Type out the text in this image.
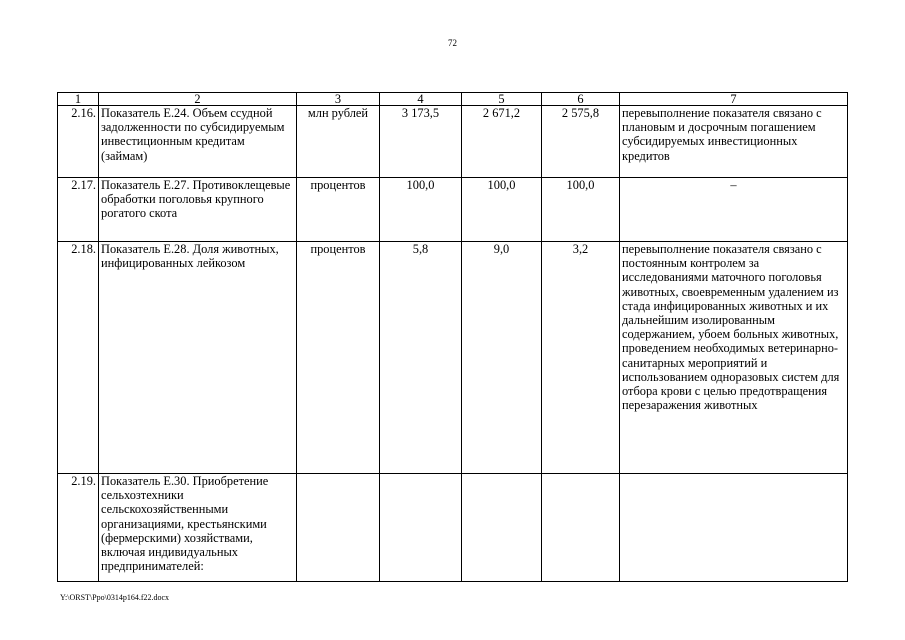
72
1	2	3	4	5	6	7
2.16.	Показатель Е.24. Объем ссудной задолженности по субсидируемым инвестиционным кредитам (займам)	млн рублей	3 173,5	2 671,2	2 575,8	перевыполнение показателя связано с плановым и досрочным погашением субсидируемых инвестиционных кредитов
2.17.	Показатель Е.27. Противоклещевые обработки поголовья крупного рогатого скота	процентов	100,0	100,0	100,0	–
2.18.	Показатель Е.28. Доля животных, инфицированных лейкозом	процентов	5,8	9,0	3,2	перевыполнение показателя связано с постоянным контролем за исследованиями маточного поголовья животных, своевременным удалением из стада инфицированных животных и их дальнейшим изолированным содержанием, убоем больных животных, проведением необходимых ветеринарно-санитарных мероприятий и использованием одноразовых систем для отбора крови с целью предотвращения перезаражения животных
2.19.	Показатель Е.30. Приобретение сельхозтехники сельскохозяйственными организациями, крестьянскими (фермерскими) хозяйствами, включая индивидуальных предпринимателей:					
Y:\ORST\Ppo\0314p164.f22.docx
